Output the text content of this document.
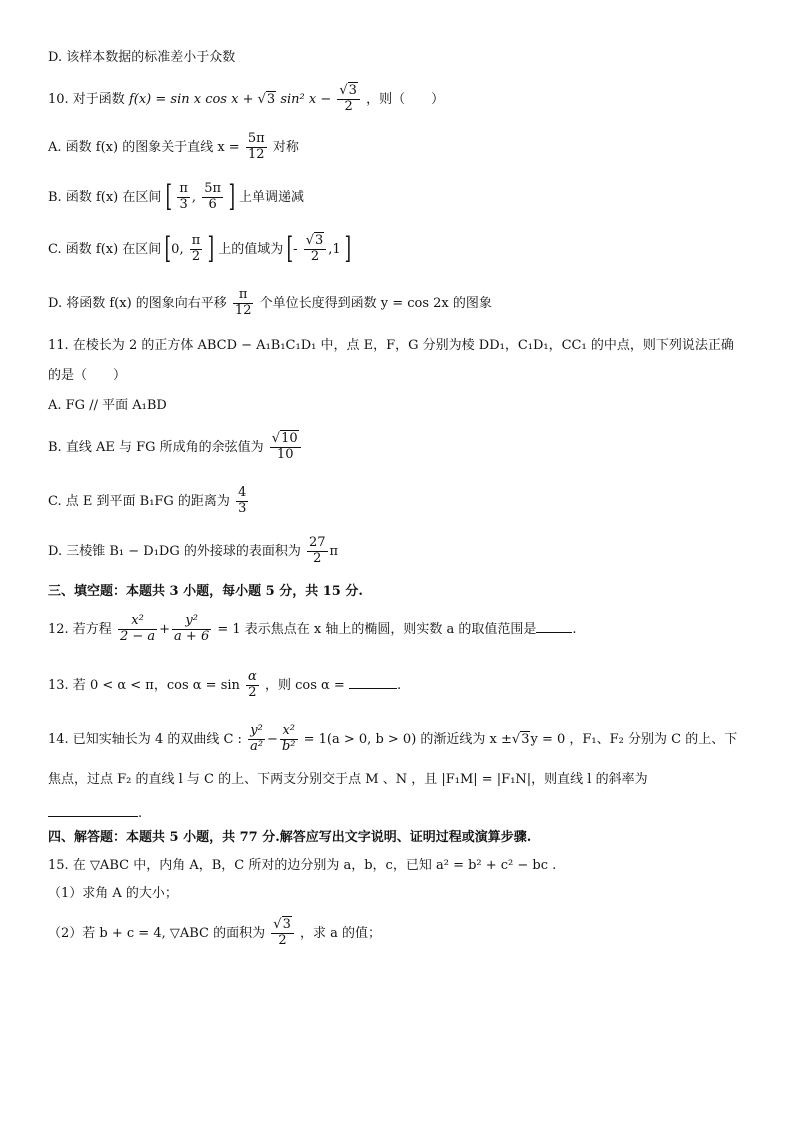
D. 该样本数据的标准差小于众数
10. 对于函数 f(x) = sin x cos x + √3 sin² $x - \frac{√3}{2}$ ，则（　　）
A. 函数 f(x) 的图象关于直线 $x = \frac{5\pi}{12}$ 对称
B. 函数 f(x) 在区间 [ $\frac{\pi}{3}$ , $\frac{5\pi}{6}$ ] 上单调递减
C. 函数 f(x) 在区间 [0, $\frac{\pi}{2}$ ] 上的值域为 [- $\frac{√3}{2} ,1$ ]
D. 将函数 f(x) 的图象向右平移 $\frac{\pi}{12}$ 个单位长度得到函数 y = cos 2x 的图象
11. 在棱长为 2 的正方体 ABCD − A₁B₁C₁D₁ 中，点 E，F，G 分别为棱 DD₁，C₁D₁，CC₁ 的中点，则下列说法正确
的是（　　）
A. FG // 平面 A₁BD
B. 直线 AE 与 FG 所成角的余弦值为 $\frac{√10}{10}$
C. 点 E 到平面 B₁FG 的距离为 $\frac{4}{3}$
D. 三棱锥 B₁ − D₁DG 的外接球的表面积为 $\frac{27}{2}$ π
三、填空题：本题共 3 小题，每小题 5 分，共 15 分.
12. 若方程 $\frac{\text{x²}}{2 - a} + \frac{\text{y²}}{a + 6} = 1$ 表示焦点在 x 轴上的椭圆，则实数 a 的取值范围是	.
13. 若 0 < α < π，$\cos \alpha = \sin \frac{\alpha}{2}$ ，则 cos α =	.
14. 已知实轴长为 4 的双曲线 C : $\frac{\text{y²}}{\text{a²}} - \frac{\text{x²}}{\text{b²}} = 1(a > 0$, b > 0) 的渐近线为 x ±√3y = 0 ，F₁、F₂ 分别为 C 的上、下
焦点，过点 F₂ 的直线 l 与 C 的上、下两支分别交于点 M 、N ，且 |F₁M| = |F₁N|，则直线 l 的斜率为
.
四、解答题：本题共 5 小题，共 77 分.解答应写出文字说明、证明过程或演算步骤.
15. 在 ▽ABC 中，内角 A，B，C 所对的边分别为 a，b，c，已知 a² = b² + c² − bc .
（1）求角 A 的大小；
（2）若 b + c = 4, ▽ABC 的面积为 $\frac{√3}{2}$ ，求 a 的值；
